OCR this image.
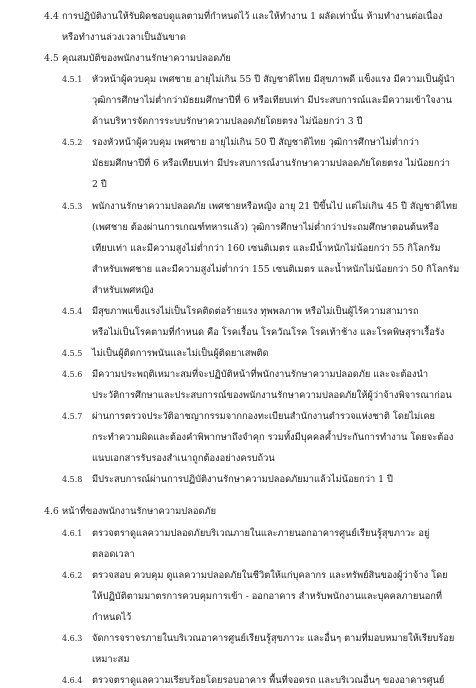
4.4 การปฏิบัติงานให้รับผิดชอบดูแลตามที่กำหนดไว้ และให้ทำงาน 1 ผลัดเท่านั้น ห้ามทำงานต่อเนื่อง
หรือทำงานล่วงเวลาเป็นอันขาด
4.5 คุณสมบัติของพนักงานรักษาความปลอดภัย
4.5.1 หัวหน้าผู้ควบคุม เพศชาย อายุไม่เกิน 55 ปี สัญชาติไทย มีสุขภาพดี แข็งแรง มีความเป็นผู้นำ
วุฒิการศึกษาไม่ต่ำกว่ามัธยมศึกษาปีที่ 6 หรือเทียบเท่า มีประสบการณ์และมีความเข้าใจงาน
ด้านบริหารจัดการระบบรักษาความปลอดภัยโดยตรง ไม่น้อยกว่า 3 ปี
4.5.2 รองหัวหน้าผู้ควบคุม เพศชาย อายุไม่เกิน 50 ปี สัญชาติไทย วุฒิการศึกษาไม่ต่ำกว่า
มัธยมศึกษาปีที่ 6 หรือเทียบเท่า มีประสบการณ์งานรักษาความปลอดภัยโดยตรง ไม่น้อยกว่า
2 ปี
4.5.3 พนักงานรักษาความปลอดภัย เพศชายหรือหญิง อายุ 21 ปีขึ้นไป แต่ไม่เกิน 45 ปี สัญชาติไทย
(เพศชาย ต้องผ่านการเกณฑ์ทหารแล้ว) วุฒิการศึกษาไม่ต่ำกว่าประถมศึกษาตอนต้นหรือ
เทียบเท่า และมีความสูงไม่ต่ำกว่า 160 เซนติเมตร และมีน้ำหนักไม่น้อยกว่า 55 กิโลกรัม
สำหรับเพศชาย และมีความสูงไม่ต่ำกว่า 155 เซนติเมตร และน้ำหนักไม่น้อยกว่า 50 กิโลกรัม
สำหรับเพศหญิง
4.5.4 มีสุขภาพแข็งแรงไม่เป็นโรคติดต่อร้ายแรง ทุพพลภาพ หรือไม่เป็นผู้ไร้ความสามารถ
หรือไม่เป็นโรคตามที่กำหนด คือ โรคเรื้อน โรควัณโรค โรคเท้าช้าง และโรคพิษสุราเรื้อรัง
4.5.5 ไม่เป็นผู้ติดการพนันและไม่เป็นผู้ติดยาเสพติด
4.5.6 มีความประพฤติเหมาะสมที่จะปฏิบัติหน้าที่พนักงานรักษาความปลอดภัย และจะต้องนำ
ประวัติการศึกษาและประสบการณ์ของพนักงานรักษาความปลอดภัยให้ผู้ว่าจ้างพิจารณาก่อน
4.5.7 ผ่านการตรวจประวัติอาชญากรรมจากกองทะเบียนสำนักงานตำรวจแห่งชาติ โดยไม่เคย
กระทำความผิดและต้องคำพิพากษาถึงจำคุก รวมทั้งมีบุคคลค้ำประกันการทำงาน โดยจะต้อง
แนบเอกสารรับรองสำเนาถูกต้องอย่างครบถ้วน
4.5.8 มีประสบการณ์ผ่านการปฏิบัติงานรักษาความปลอดภัยมาแล้วไม่น้อยกว่า 1 ปี
4.6 หน้าที่ของพนักงานรักษาความปลอดภัย
4.6.1 ตรวจตราดูแลความปลอดภัยบริเวณภายในและภายนอกอาคารศูนย์เรียนรู้สุขภาวะ อยู่
ตลอดเวลา
4.6.2 ตรวจสอบ ควบคุม ดูแลความปลอดภัยในชีวิตให้แก่บุคลากร และทรัพย์สินของผู้ว่าจ้าง โดย
ให้ปฏิบัติตามมาตรการควบคุมการเข้า - ออกอาคาร สำหรับพนักงานและบุคคลภายนอกที่
กำหนดไว้
4.6.3 จัดการจราจรภายในบริเวณอาคารศูนย์เรียนรู้สุขภาวะ และอื่นๆ ตามที่มอบหมายให้เรียบร้อย
เหมาะสม
4.6.4 ตรวจตราดูแลความเรียบร้อยโดยรอบอาคาร พื้นที่จอดรถ และบริเวณอื่นๆ ของอาคารศูนย์
